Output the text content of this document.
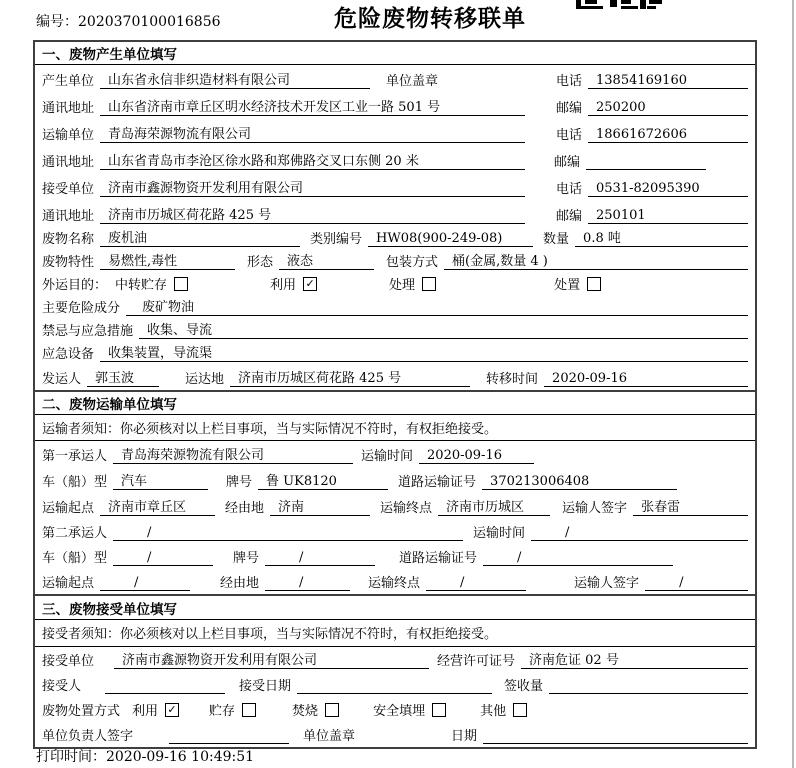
编号：2020370100016856	危险废物转移联单
一、废物产生单位填写
产生单位	山东省永信非织造材料有限公司	单位盖章	电话	13854169160
通讯地址	山东省济南市章丘区明水经济技术开发区工业一路 501 号	邮编	250200
运输单位	青岛海荣源物流有限公司	电话	18661672606
通讯地址	山东省青岛市李沧区徐水路和郑佛路交叉口东侧 20 米	邮编
接受单位	济南市鑫源物资开发利用有限公司	电话	0531-82095390
通讯地址	济南市历城区荷花路 425 号	邮编	250101
废物名称	废机油	类别编号	HW08(900-249-08)	数量	0.8 吨
废物特性	易燃性,毒性	形态	液态	包装方式	桶(金属,数量 4 )
外运目的： 中转贮存	利用 ✓	处理	处置
主要危险成分	废矿物油
禁忌与应急措施	收集、导流
应急设备	收集装置，导流渠
发运人	郭玉波	运达地	济南市历城区荷花路 425 号	转移时间	2020-09-16
二、废物运输单位填写
运输者须知：你必须核对以上栏目事项，当与实际情况不符时，有权拒绝接受。
第一承运人	青岛海荣源物流有限公司	运输时间	2020-09-16
车（船）型	汽车	牌号	鲁 UK8120	道路运输证号	370213006408
运输起点	济南市章丘区	经由地	济南	运输终点	济南市历城区	运输人签字	张春雷
第二承运人	/	运输时间	/
车（船）型	/	牌号	/	道路运输证号	/
运输起点	/	经由地	/	运输终点	/	运输人签字	/
三、废物接受单位填写
接受者须知：你必须核对以上栏目事项，当与实际情况不符时，有权拒绝接受。
接受单位	济南市鑫源物资开发利用有限公司	经营许可证号	济南危证 02 号
接受人	接受日期	签收量
废物处置方式 利用 ✓ 贮存	焚烧	安全填埋	其他
单位负责人签字	单位盖章	日期
打印时间：2020-09-16 10:49:51
